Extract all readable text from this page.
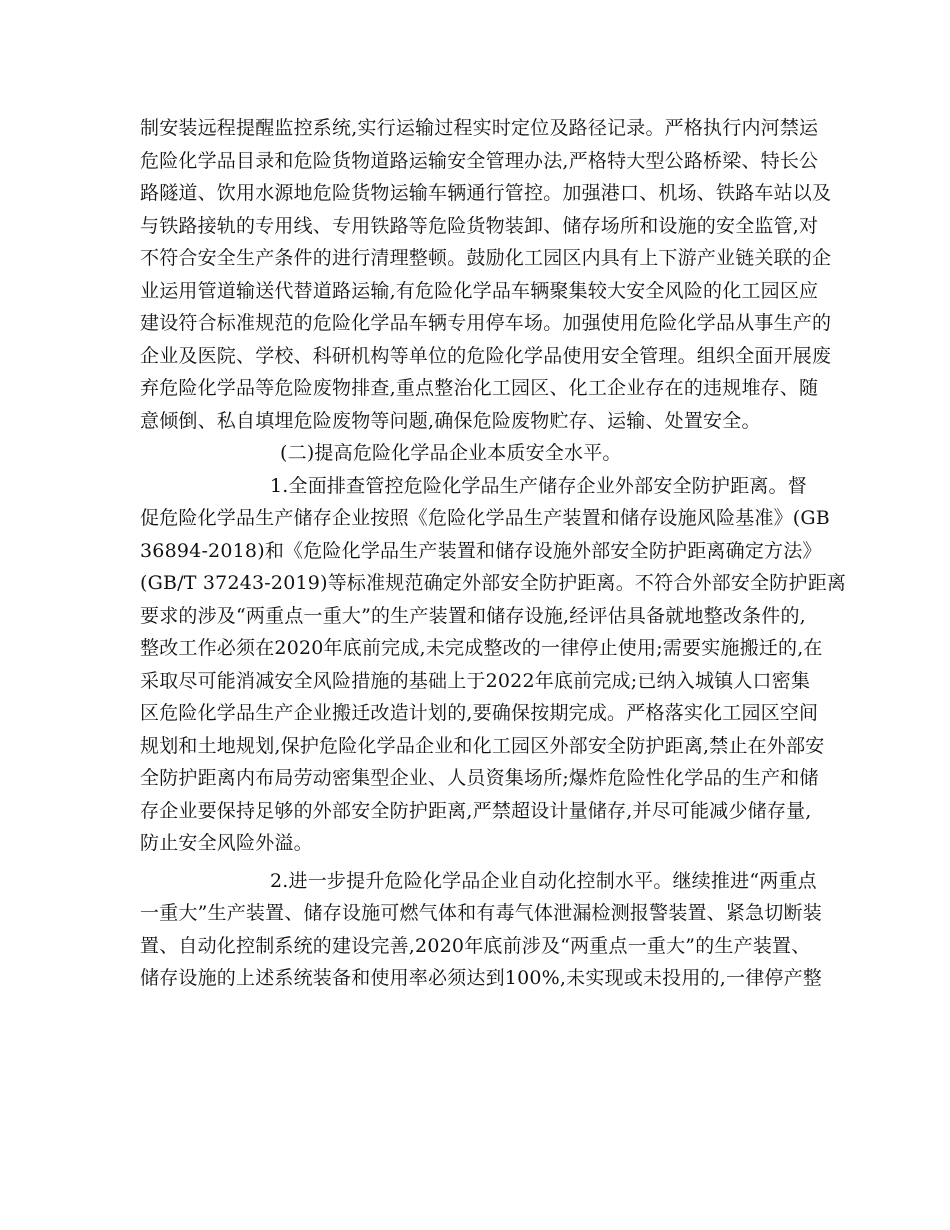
制安装远程提醒监控系统,实行运输过程实时定位及路径记录。严格执行内河禁运
危险化学品目录和危险货物道路运输安全管理办法,严格特大型公路桥梁、特长公
路隧道、饮用水源地危险货物运输车辆通行管控。加强港口、机场、铁路车站以及
与铁路接轨的专用线、专用铁路等危险货物装卸、储存场所和设施的安全监管,对
不符合安全生产条件的进行清理整顿。鼓励化工园区内具有上下游产业链关联的企
业运用管道输送代替道路运输,有危险化学品车辆聚集较大安全风险的化工园区应
建设符合标准规范的危险化学品车辆专用停车场。加强使用危险化学品从事生产的
企业及医院、学校、科研机构等单位的危险化学品使用安全管理。组织全面开展废
弃危险化学品等危险废物排查,重点整治化工园区、化工企业存在的违规堆存、随
意倾倒、私自填埋危险废物等问题,确保危险废物贮存、运输、处置安全。
(二)提高危险化学品企业本质安全水平。
1.全面排查管控危险化学品生产储存企业外部安全防护距离。督
促危险化学品生产储存企业按照《危险化学品生产装置和储存设施风险基准》(GB
36894-2018)和《危险化学品生产装置和储存设施外部安全防护距离确定方法》
(GB/T 37243-2019)等标准规范确定外部安全防护距离。不符合外部安全防护距离
要求的涉及“两重点一重大”的生产装置和储存设施,经评估具备就地整改条件的,
整改工作必须在2020年底前完成,未完成整改的一律停止使用;需要实施搬迁的,在
采取尽可能消减安全风险措施的基础上于2022年底前完成;已纳入城镇人口密集
区危险化学品生产企业搬迁改造计划的,要确保按期完成。严格落实化工园区空间
规划和土地规划,保护危险化学品企业和化工园区外部安全防护距离,禁止在外部安
全防护距离内布局劳动密集型企业、人员资集场所;爆炸危险性化学品的生产和储
存企业要保持足够的外部安全防护距离,严禁超设计量储存,并尽可能减少储存量,
防止安全风险外溢。
2.进一步提升危险化学品企业自动化控制水平。继续推进“两重点
一重大”生产装置、储存设施可燃气体和有毒气体泄漏检测报警装置、紧急切断装
置、自动化控制系统的建设完善,2020年底前涉及“两重点一重大”的生产装置、
储存设施的上述系统装备和使用率必须达到100%,未实现或未投用的,一律停产整
